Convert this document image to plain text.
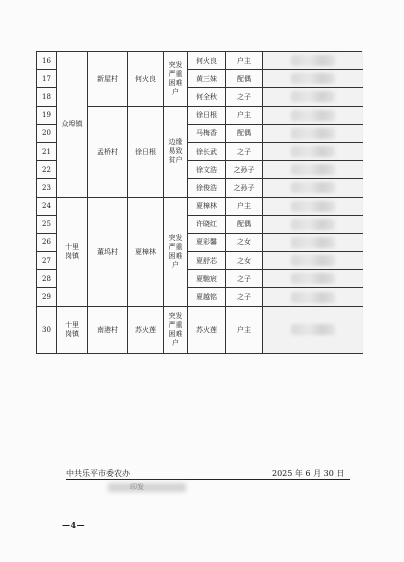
16	众埠镇	新屋村	何火良	突发严重困难户	何火良	户主	

17					黄三妹	配偶	

18					何全秋	之子	

19		孟桥村	徐日根	边缘易致贫户	徐日根	户主	

20					马梅香	配偶	

21					徐长武	之子	

22					徐文浩	之孙子	

23					徐俊浩	之孙子	

24	十里岗镇	董坞村	夏樟林	突发严重困难户	夏樟林	户主	

25					许晓红	配偶	

26					夏彩馨	之女	

27					夏舒芯	之女	

28					夏馳宸	之子	

29					夏越铭	之子	

30	十里岗镇	南港村	苏火莲	突发严重困难户	苏火莲	户主	
中共乐平市委农办	2025 年 6 月 30 日
印发
—4—
